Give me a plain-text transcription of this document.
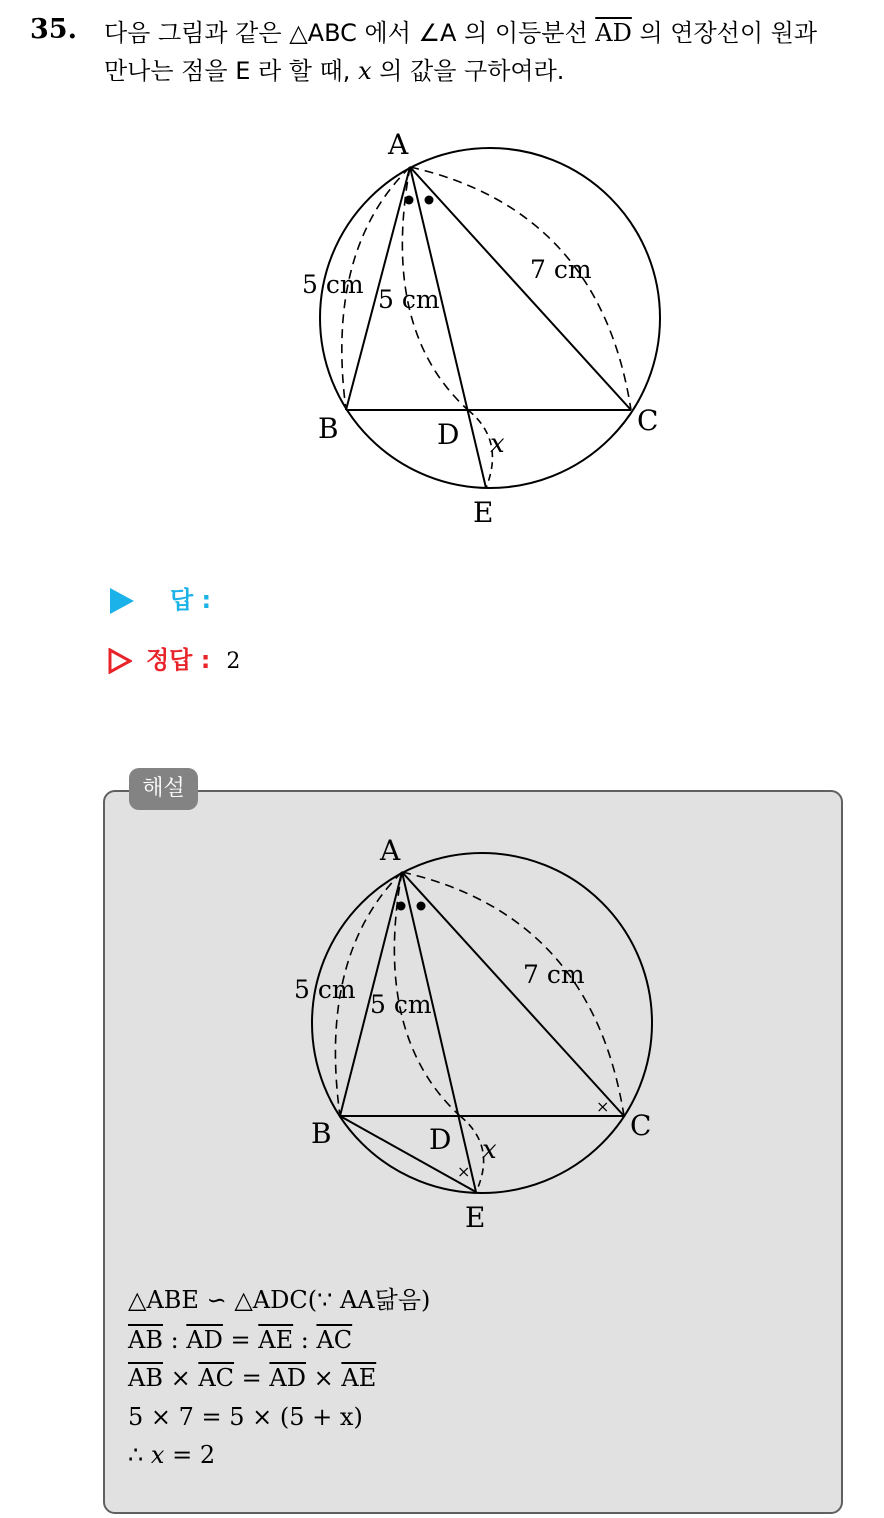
35. 다음 그림과 같은 △ABC 에서 ∠A 의 이등분선 $\overline{AD}$ 의 연장선이 원과
만나는 점을 E 라 할 때, x 의 값을 구하여라.
A
B	C
D
E
x
5 cm
5 cm
7 cm
답 :
정답 : 2
해설
×
×
A
B	C
D
E
x
5 cm
5 cm
7 cm
△ABE ∽ △ADC(∵ AA닮음)
$\overline{AB}$ : $\overline{AD} = \overline{AE}$ : $\overline{AC}$
$\overline{AB} \times \overline{AC} = \overline{AD} \times \overline{AE}$
5 × 7 = 5 × (5 + x)
∴ x = 2
